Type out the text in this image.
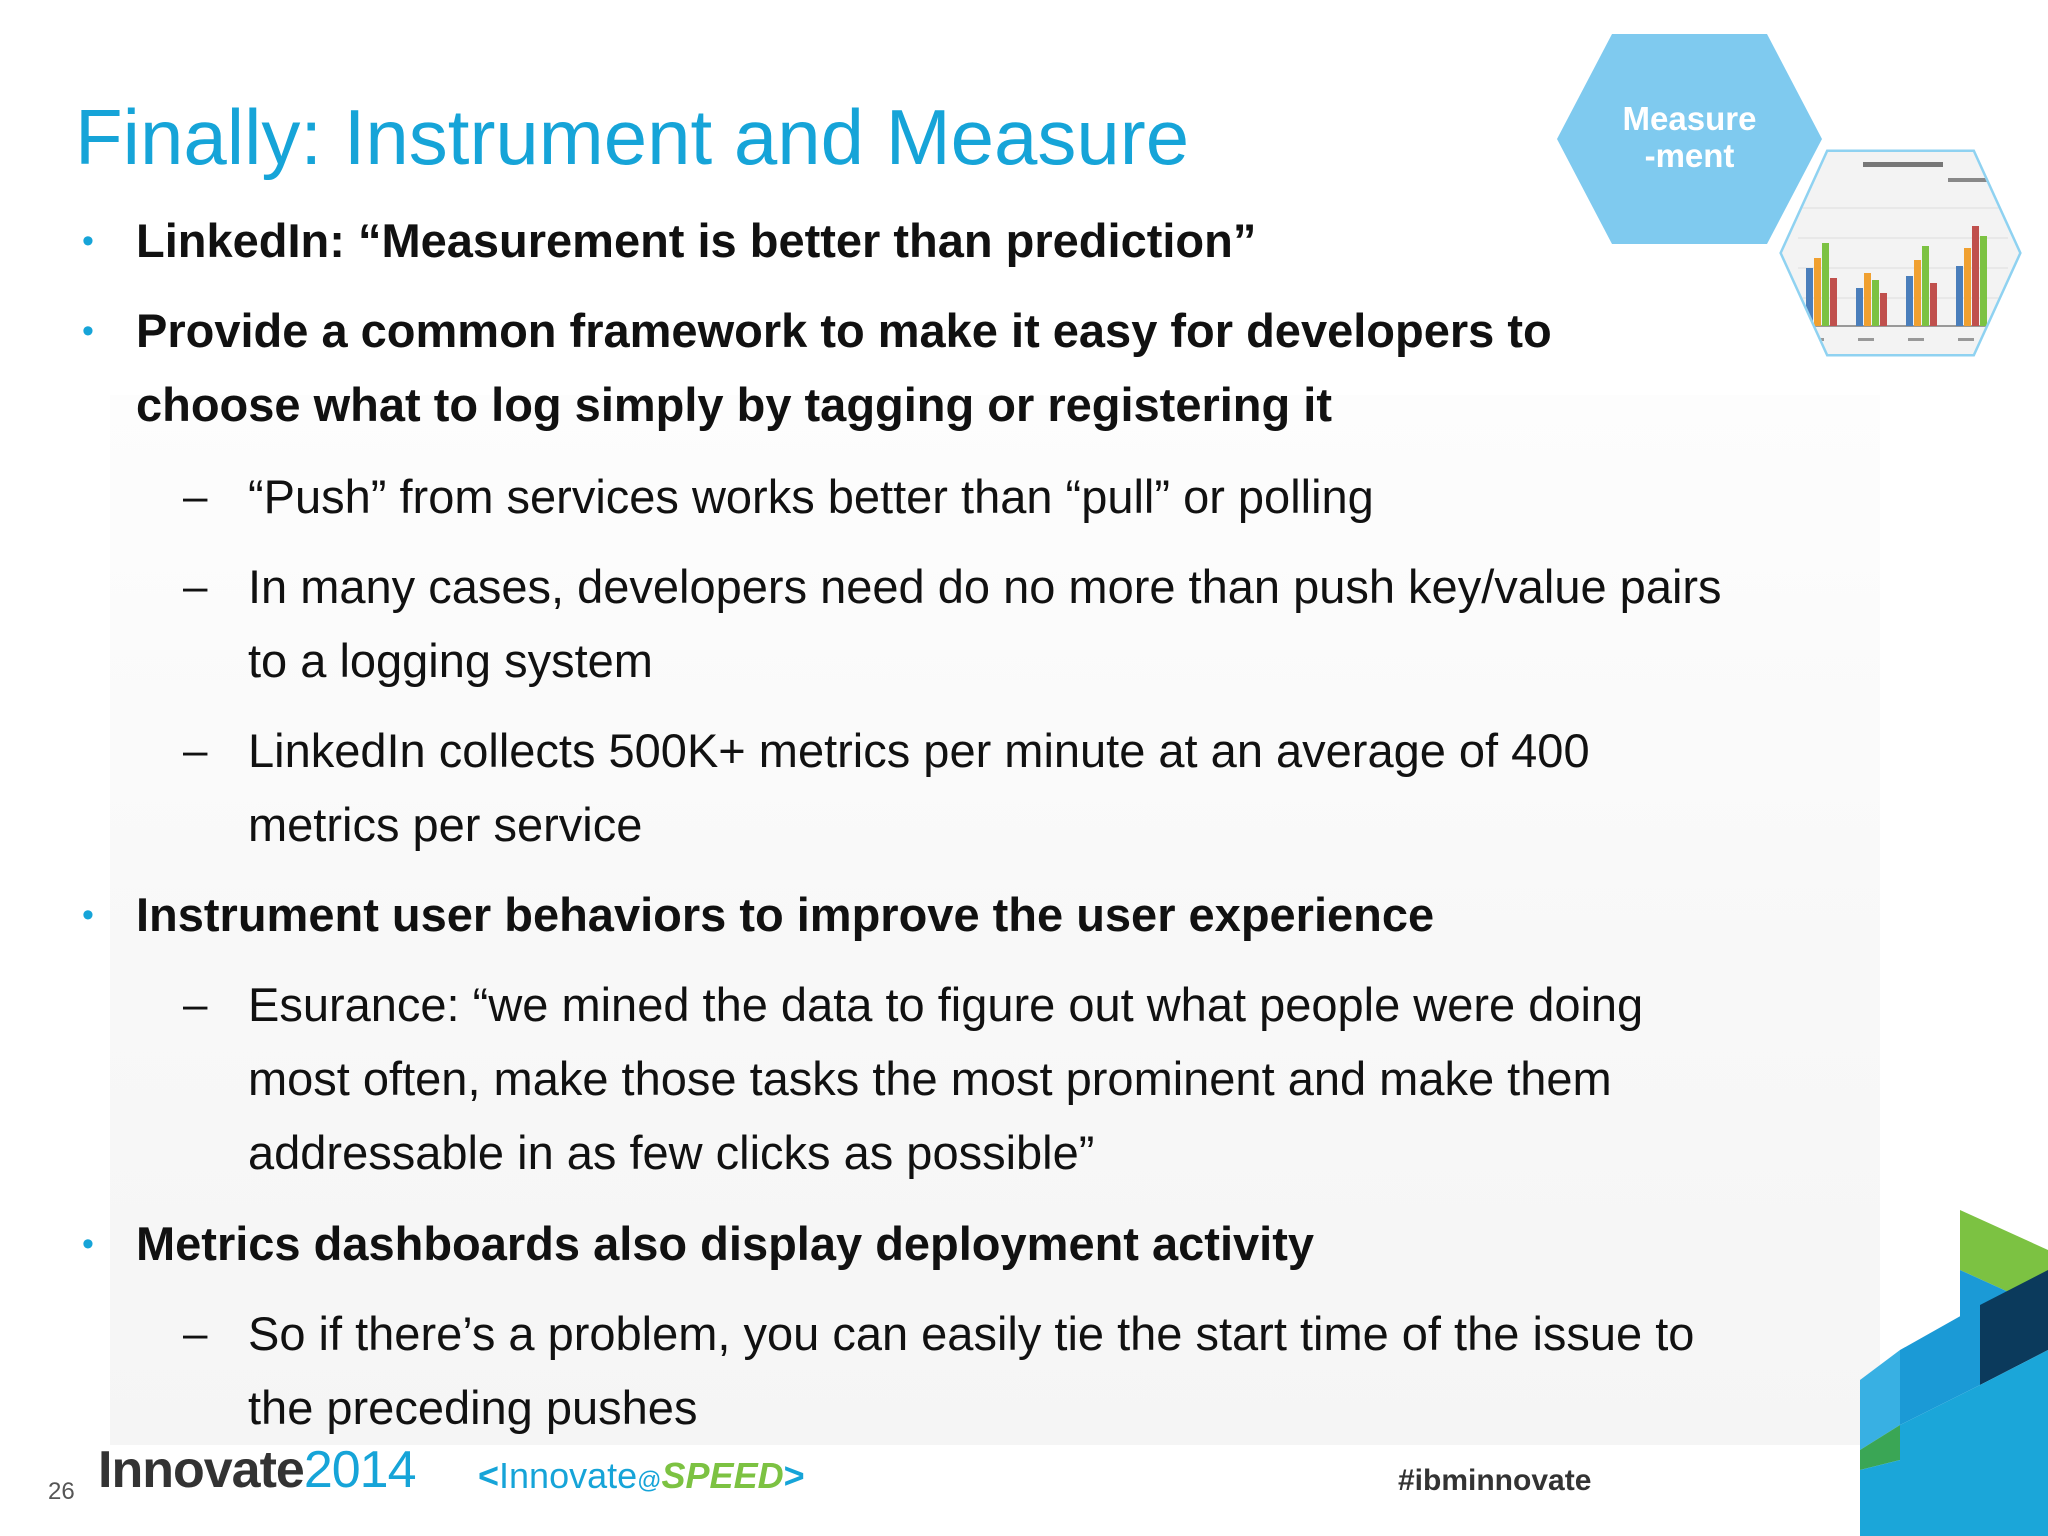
Finally: Instrument and Measure	Measure
-ment
• LinkedIn: “Measurement is better than prediction”
• Provide a common framework to make it easy for developers to
choose what to log simply by tagging or registering it
– “Push” from services works better than “pull” or polling
– In many cases, developers need do no more than push key/value pairs
to a logging system
– LinkedIn collects 500K+ metrics per minute at an average of 400
metrics per service
• Instrument user behaviors to improve the user experience
– Esurance: “we mined the data to figure out what people were doing
most often, make those tasks the most prominent and make them
addressable in as few clicks as possible”
• Metrics dashboards also display deployment activity
– So if there’s a problem, you can easily tie the start time of the issue to
the preceding pushes
26 Innovate2014 <Innovate@SPEED>	#ibminnovate
